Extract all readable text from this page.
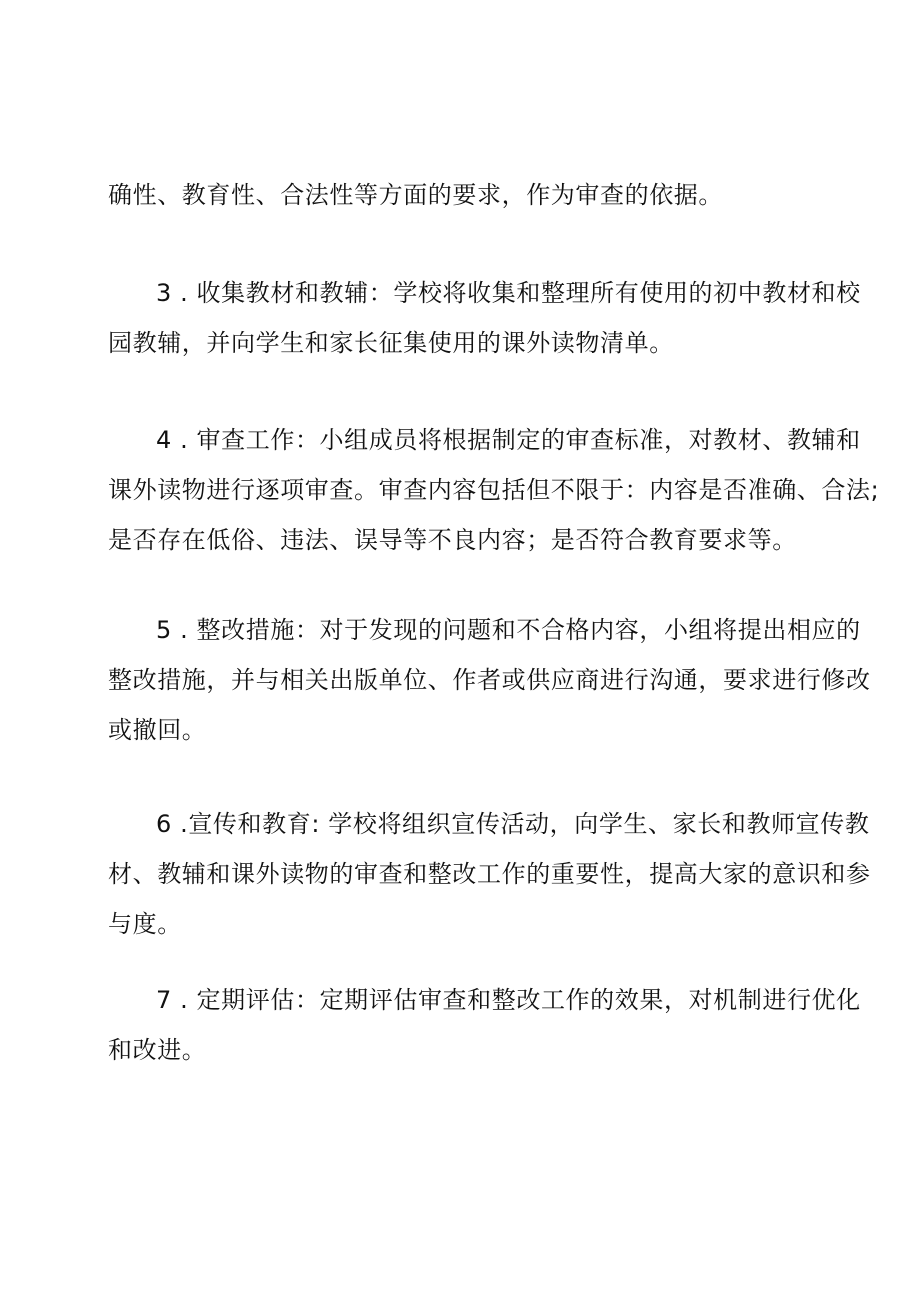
确性、教育性、合法性等方面的要求，作为审查的依据。

3 . 收集教材和教辅：学校将收集和整理所有使用的初中教材和校
园教辅，并向学生和家长征集使用的课外读物清单。

4 . 审查工作：小组成员将根据制定的审查标准，对教材、教辅和
课外读物进行逐项审查。审查内容包括但不限于：内容是否准确、合法;
是否存在低俗、违法、误导等不良内容；是否符合教育要求等。

5 . 整改措施：对于发现的问题和不合格内容，小组将提出相应的
整改措施，并与相关出版单位、作者或供应商进行沟通，要求进行修改
或撤回。

6 .宣传和教育: 学校将组织宣传活动，向学生、家长和教师宣传教
材、教辅和课外读物的审查和整改工作的重要性，提高大家的意识和参
与度。

7 . 定期评估：定期评估审查和整改工作的效果，对机制进行优化
和改进。
